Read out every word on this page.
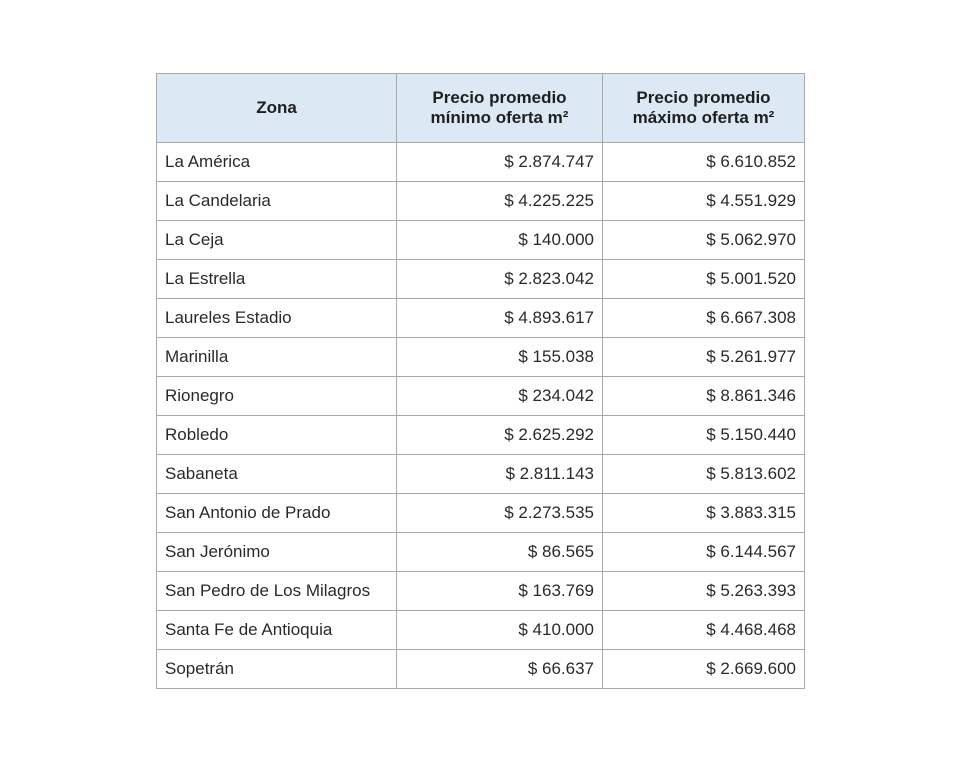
Zona	Precio promedio mínimo oferta m²	Precio promedio máximo oferta m²
La América	$ 2.874.747	$ 6.610.852
La Candelaria	$ 4.225.225	$ 4.551.929
La Ceja	$ 140.000	$ 5.062.970
La Estrella	$ 2.823.042	$ 5.001.520
Laureles Estadio	$ 4.893.617	$ 6.667.308
Marinilla	$ 155.038	$ 5.261.977
Rionegro	$ 234.042	$ 8.861.346
Robledo	$ 2.625.292	$ 5.150.440
Sabaneta	$ 2.811.143	$ 5.813.602
San Antonio de Prado	$ 2.273.535	$ 3.883.315
San Jerónimo	$ 86.565	$ 6.144.567
San Pedro de Los Milagros	$ 163.769	$ 5.263.393
Santa Fe de Antioquia	$ 410.000	$ 4.468.468
Sopetrán	$ 66.637	$ 2.669.600
